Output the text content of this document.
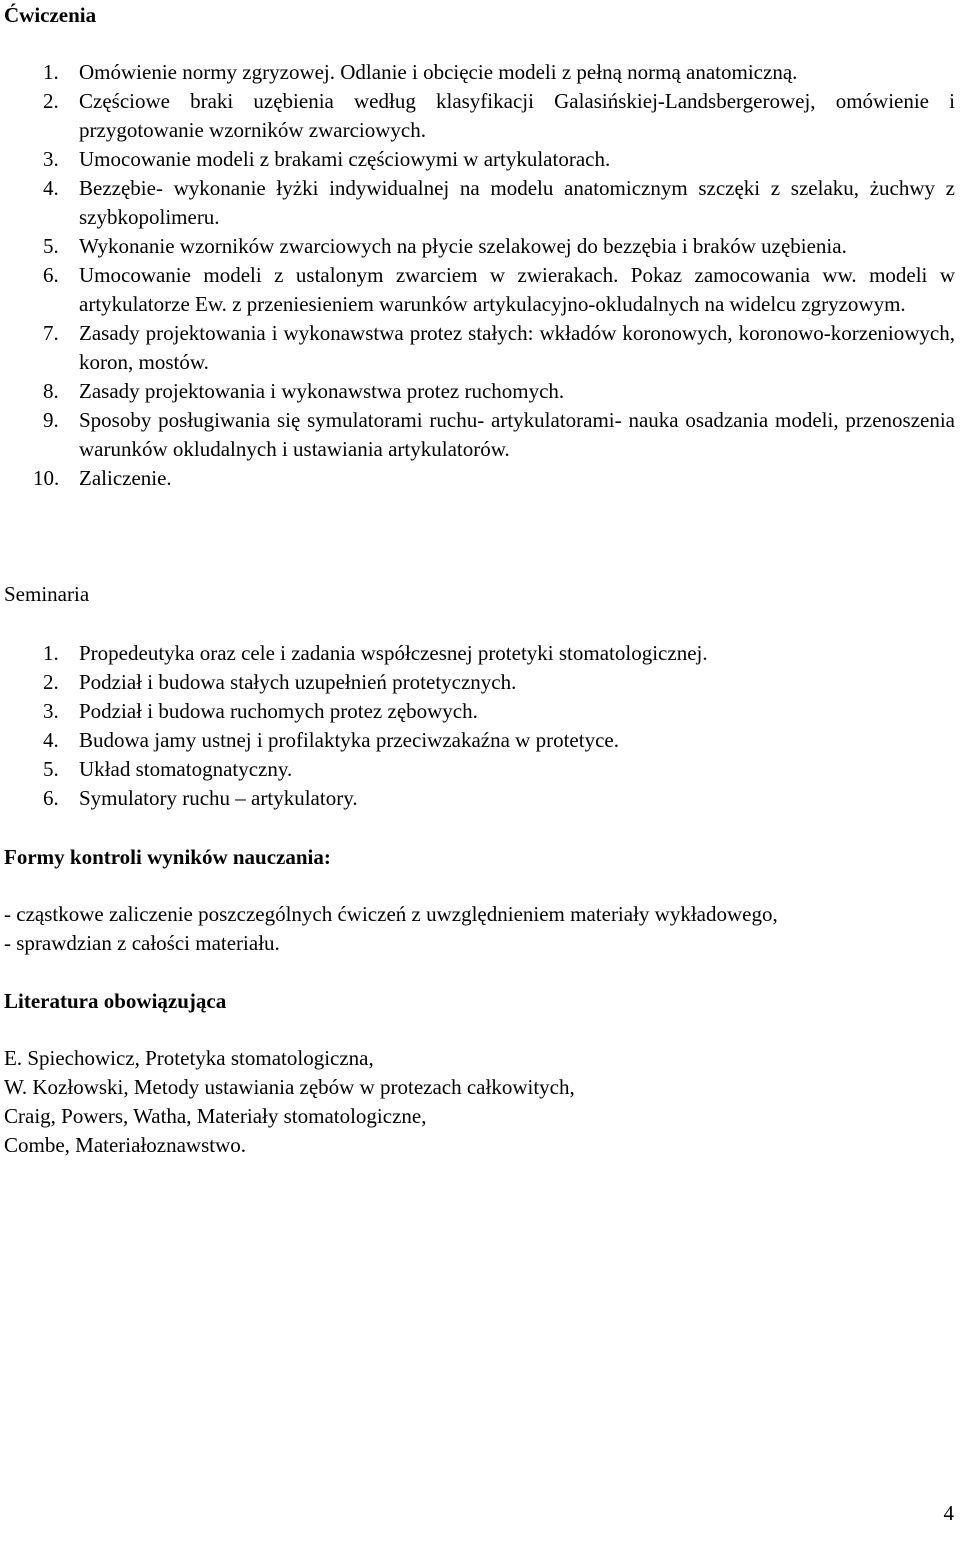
Ćwiczenia
1. Omówienie normy zgryzowej. Odlanie i obcięcie modeli z pełną normą anatomiczną.
2. Częściowe braki uzębienia według klasyfikacji Galasińskiej-Landsbergerowej, omówienie i przygotowanie wzorników zwarciowych.
3. Umocowanie modeli z brakami częściowymi w artykulatorach.
4. Bezzębie- wykonanie łyżki indywidualnej na modelu anatomicznym szczęki z szelaku, żuchwy z szybkopolimeru.
5. Wykonanie wzorników zwarciowych na płycie szelakowej do bezzębia i braków uzębienia.
6. Umocowanie modeli z ustalonym zwarciem w zwierakach. Pokaz zamocowania ww. modeli w artykulatorze Ew. z przeniesieniem warunków artykulacyjno-okludalnych na widelcu zgryzowym.
7. Zasady projektowania i wykonawstwa protez stałych: wkładów koronowych, koronowo-korzeniowych, koron, mostów.
8. Zasady projektowania i wykonawstwa protez ruchomych.
9. Sposoby posługiwania się symulatorami ruchu- artykulatorami- nauka osadzania modeli, przenoszenia warunków okludalnych i ustawiania artykulatorów.
10. Zaliczenie.
Seminaria
1. Propedeutyka oraz cele i zadania współczesnej protetyki stomatologicznej.
2. Podział i budowa stałych uzupełnień protetycznych.
3. Podział i budowa ruchomych protez zębowych.
4. Budowa jamy ustnej i profilaktyka przeciwzakaźna w protetyce.
5. Układ stomatognatyczny.
6. Symulatory ruchu – artykulatory.
Formy kontroli wyników nauczania:
- cząstkowe zaliczenie poszczególnych ćwiczeń z uwzględnieniem materiały wykładowego,
- sprawdzian z całości materiału.
Literatura obowiązująca
E. Spiechowicz, Protetyka stomatologiczna,
W. Kozłowski, Metody ustawiania zębów w protezach całkowitych,
Craig, Powers, Watha, Materiały stomatologiczne,
Combe, Materiałoznawstwo.
4
